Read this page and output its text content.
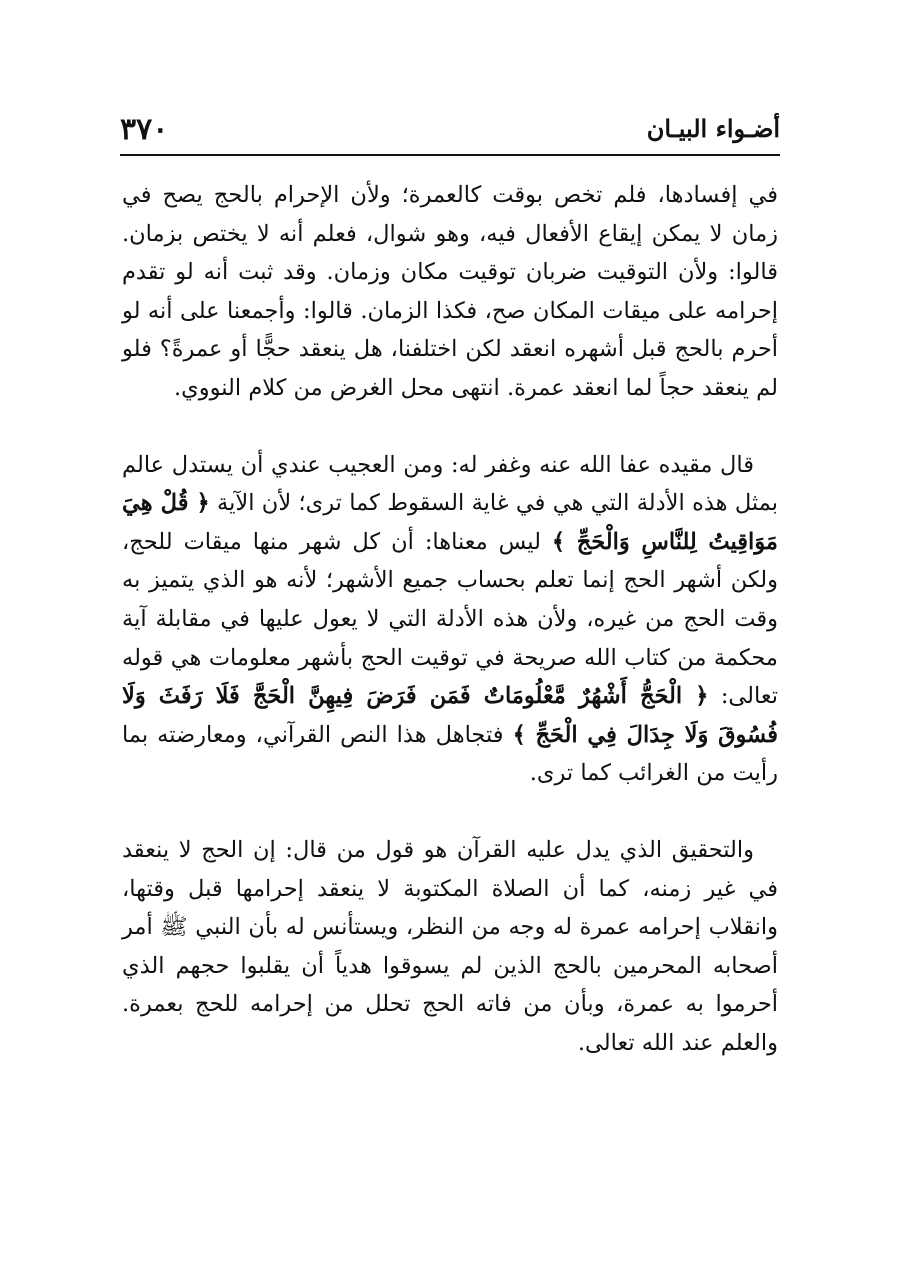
٣٧٠	أضـواء البيـان

في إفسادها، فلم تخص بوقت كالعمرة؛ ولأن الإحرام بالحج يصح في زمان لا يمكن إيقاع الأفعال فيه، وهو شوال، فعلم أنه لا يختص بزمان. قالوا: ولأن التوقيت ضربان توقيت مكان وزمان. وقد ثبت أنه لو تقدم إحرامه على ميقات المكان صح، فكذا الزمان. قالوا: وأجمعنا على أنه لو أحرم بالحج قبل أشهره انعقد لكن اختلفنا، هل ينعقد حجًّا أو عمرةً؟ فلو لم ينعقد حجاً لما انعقد عمرة. انتهى محل الغرض من كلام النووي.

قال مقيده عفا الله عنه وغفر له: ومن العجيب عندي أن يستدل عالم بمثل هذه الأدلة التي هي في غاية السقوط كما ترى؛ لأن الآية ﴿ قُلْ هِيَ مَوَاقِيتُ لِلنَّاسِ وَالْحَجِّ ﴾ ليس معناها: أن كل شهر منها ميقات للحج، ولكن أشهر الحج إنما تعلم بحساب جميع الأشهر؛ لأنه هو الذي يتميز به وقت الحج من غيره، ولأن هذه الأدلة التي لا يعول عليها في مقابلة آية محكمة من كتاب الله صريحة في توقيت الحج بأشهر معلومات هي قوله تعالى: ﴿ الْحَجُّ أَشْهُرٌ مَّعْلُومَاتٌ فَمَن فَرَضَ فِيهِنَّ الْحَجَّ فَلَا رَفَثَ وَلَا فُسُوقَ وَلَا جِدَالَ فِي الْحَجِّ ﴾ فتجاهل هذا النص القرآني، ومعارضته بما رأيت من الغرائب كما ترى.

والتحقيق الذي يدل عليه القرآن هو قول من قال: إن الحج لا ينعقد في غير زمنه، كما أن الصلاة المكتوبة لا ينعقد إحرامها قبل وقتها، وانقلاب إحرامه عمرة له وجه من النظر، ويستأنس له بأن النبي ﷺ أمر أصحابه المحرمين بالحج الذين لم يسوقوا هدياً أن يقلبوا حجهم الذي أحرموا به عمرة، وبأن من فاته الحج تحلل من إحرامه للحج بعمرة. والعلم عند الله تعالى.
